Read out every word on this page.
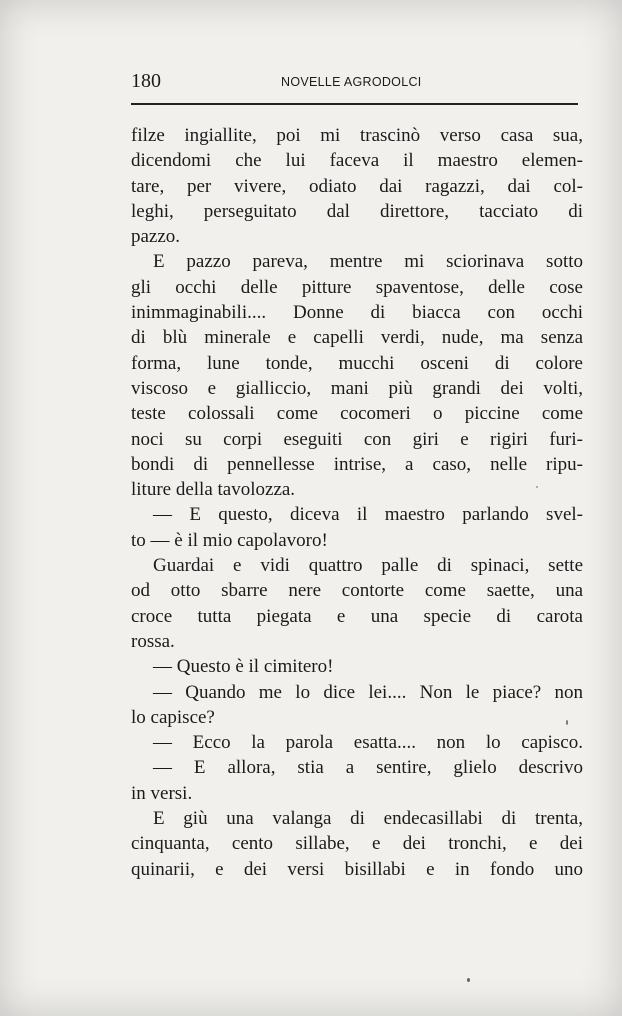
180	NOVELLE AGRODOLCI
filze ingiallite, poi mi trascinò verso casa sua,
dicendomi che lui faceva il maestro elemen-
tare, per vivere, odiato dai ragazzi, dai col-
leghi, perseguitato dal direttore, tacciato di
pazzo.
E pazzo pareva, mentre mi sciorinava sotto
gli occhi delle pitture spaventose, delle cose
inimmaginabili.... Donne di biacca con occhi
di blù minerale e capelli verdi, nude, ma senza
forma, lune tonde, mucchi osceni di colore
viscoso e gialliccio, mani più grandi dei volti,
teste colossali come cocomeri o piccine come
noci su corpi eseguiti con giri e rigiri furi-
bondi di pennellesse intrise, a caso, nelle ripu-
liture della tavolozza.
— E questo, diceva il maestro parlando svel-
to — è il mio capolavoro!
Guardai e vidi quattro palle di spinaci, sette
od otto sbarre nere contorte come saette, una
croce tutta piegata e una specie di carota
rossa.
— Questo è il cimitero!
— Quando me lo dice lei.... Non le piace? non
lo capisce?
— Ecco la parola esatta.... non lo capisco.
— E allora, stia a sentire, glielo descrivo
in versi.
E giù una valanga di endecasillabi di trenta,
cinquanta, cento sillabe, e dei tronchi, e dei
quinarii, e dei versi bisillabi e in fondo uno
